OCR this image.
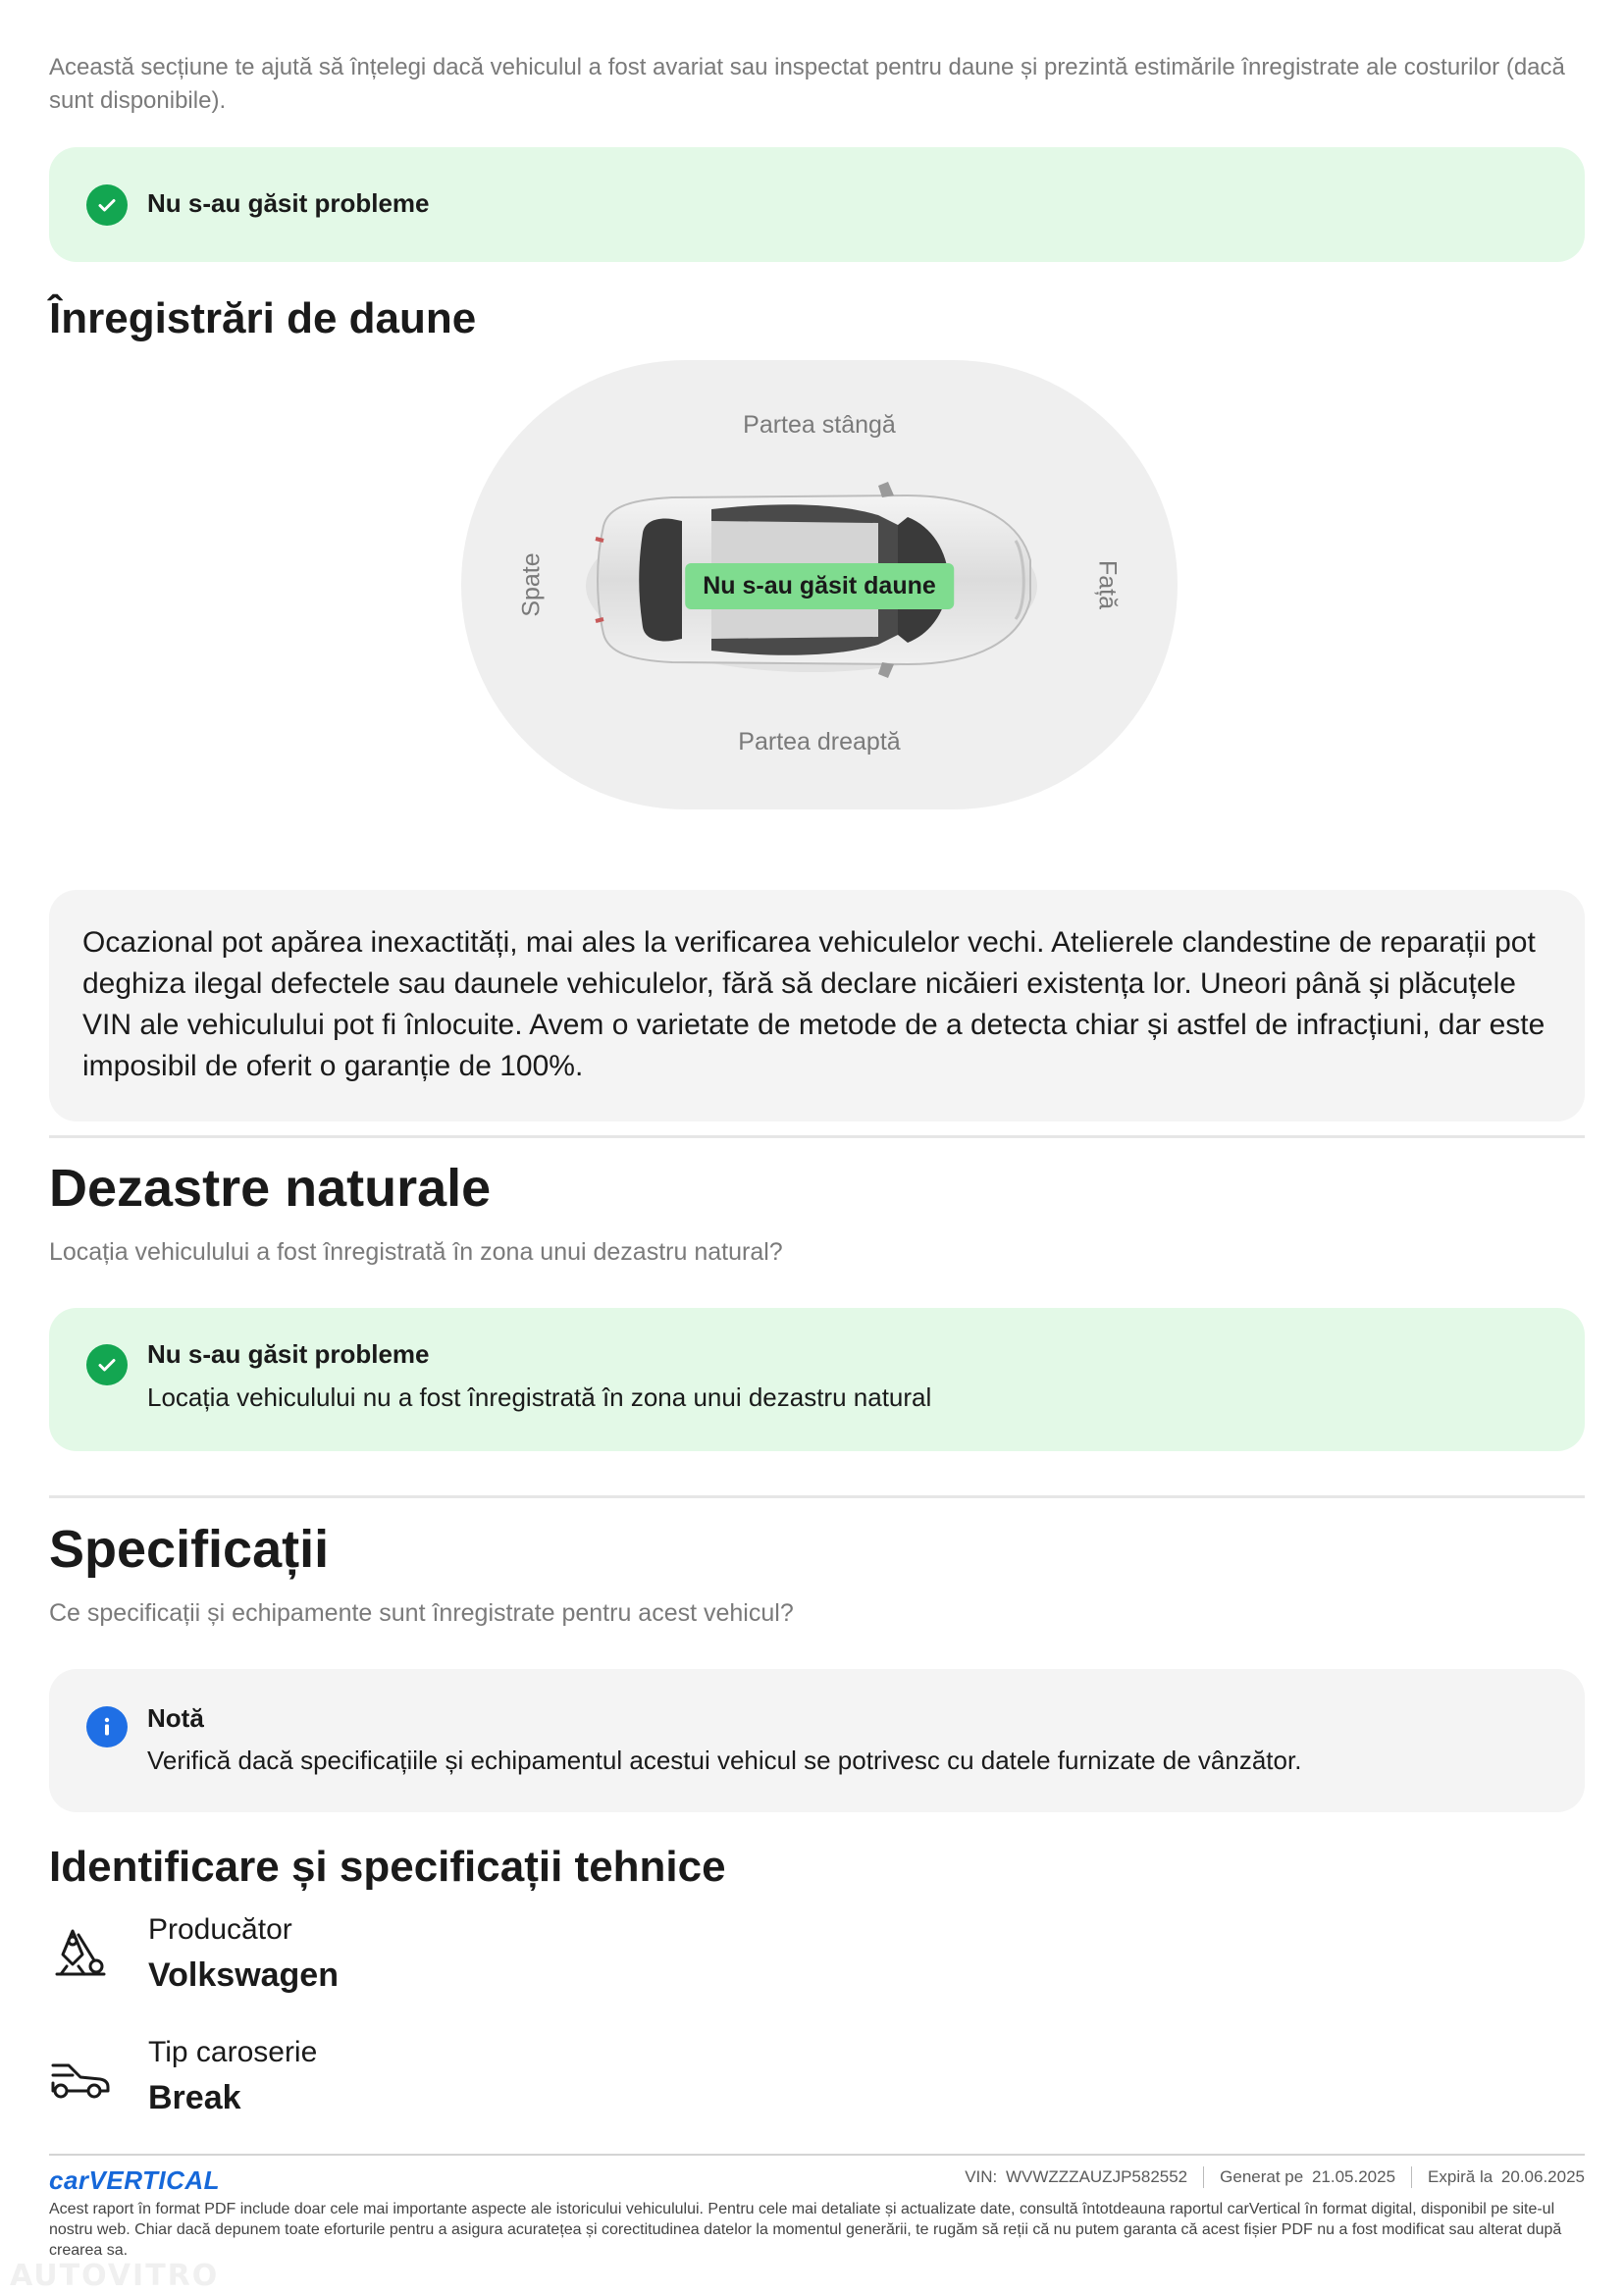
Această secțiune te ajută să înțelegi dacă vehiculul a fost avariat sau inspectat pentru daune și prezintă estimările înregistrate ale costurilor (dacă sunt disponibile).

Nu s-au găsit probleme
Înregistrări de daune
Partea stângă
Partea dreaptă
Spate	Față
Nu s-au găsit daune

Ocazional pot apărea inexactități, mai ales la verificarea vehiculelor vechi. Atelierele clandestine de reparații pot deghiza ilegal defectele sau daunele vehiculelor, fără să declare nicăieri existența lor. Uneori până și plăcuțele VIN ale vehiculului pot fi înlocuite. Avem o varietate de metode de a detecta chiar și astfel de infracțiuni, dar este imposibil de oferit o garanție de 100%.

Dezastre naturale

Locația vehiculului a fost înregistrată în zona unui dezastru natural?

Nu s-au găsit probleme
Locația vehiculului nu a fost înregistrată în zona unui dezastru natural
Specificații

Ce specificații și echipamente sunt înregistrate pentru acest vehicul?

Notă
Verifică dacă specificațiile și echipamentul acestui vehicul se potrivesc cu datele furnizate de vânzător.
Identificare și specificații tehnice
Producător
Volkswagen
Tip caroserie
Break
carVERTICAL	VIN: WVWZZZAUZJP582552	Generat pe 21.05.2025	Expiră la 20.06.2025

Acest raport în format PDF include doar cele mai importante aspecte ale istoricului vehiculului. Pentru cele mai detaliate și actualizate date, consultă întotdeauna raportul carVertical în format digital, disponibil pe site-ul nostru web. Chiar dacă depunem toate eforturile pentru a asigura acuratețea și corectitudinea datelor la momentul generării, te rugăm să reții că nu putem garanta că acest fișier PDF nu a fost modificat sau alterat după crearea sa.

AUTOVITRO
